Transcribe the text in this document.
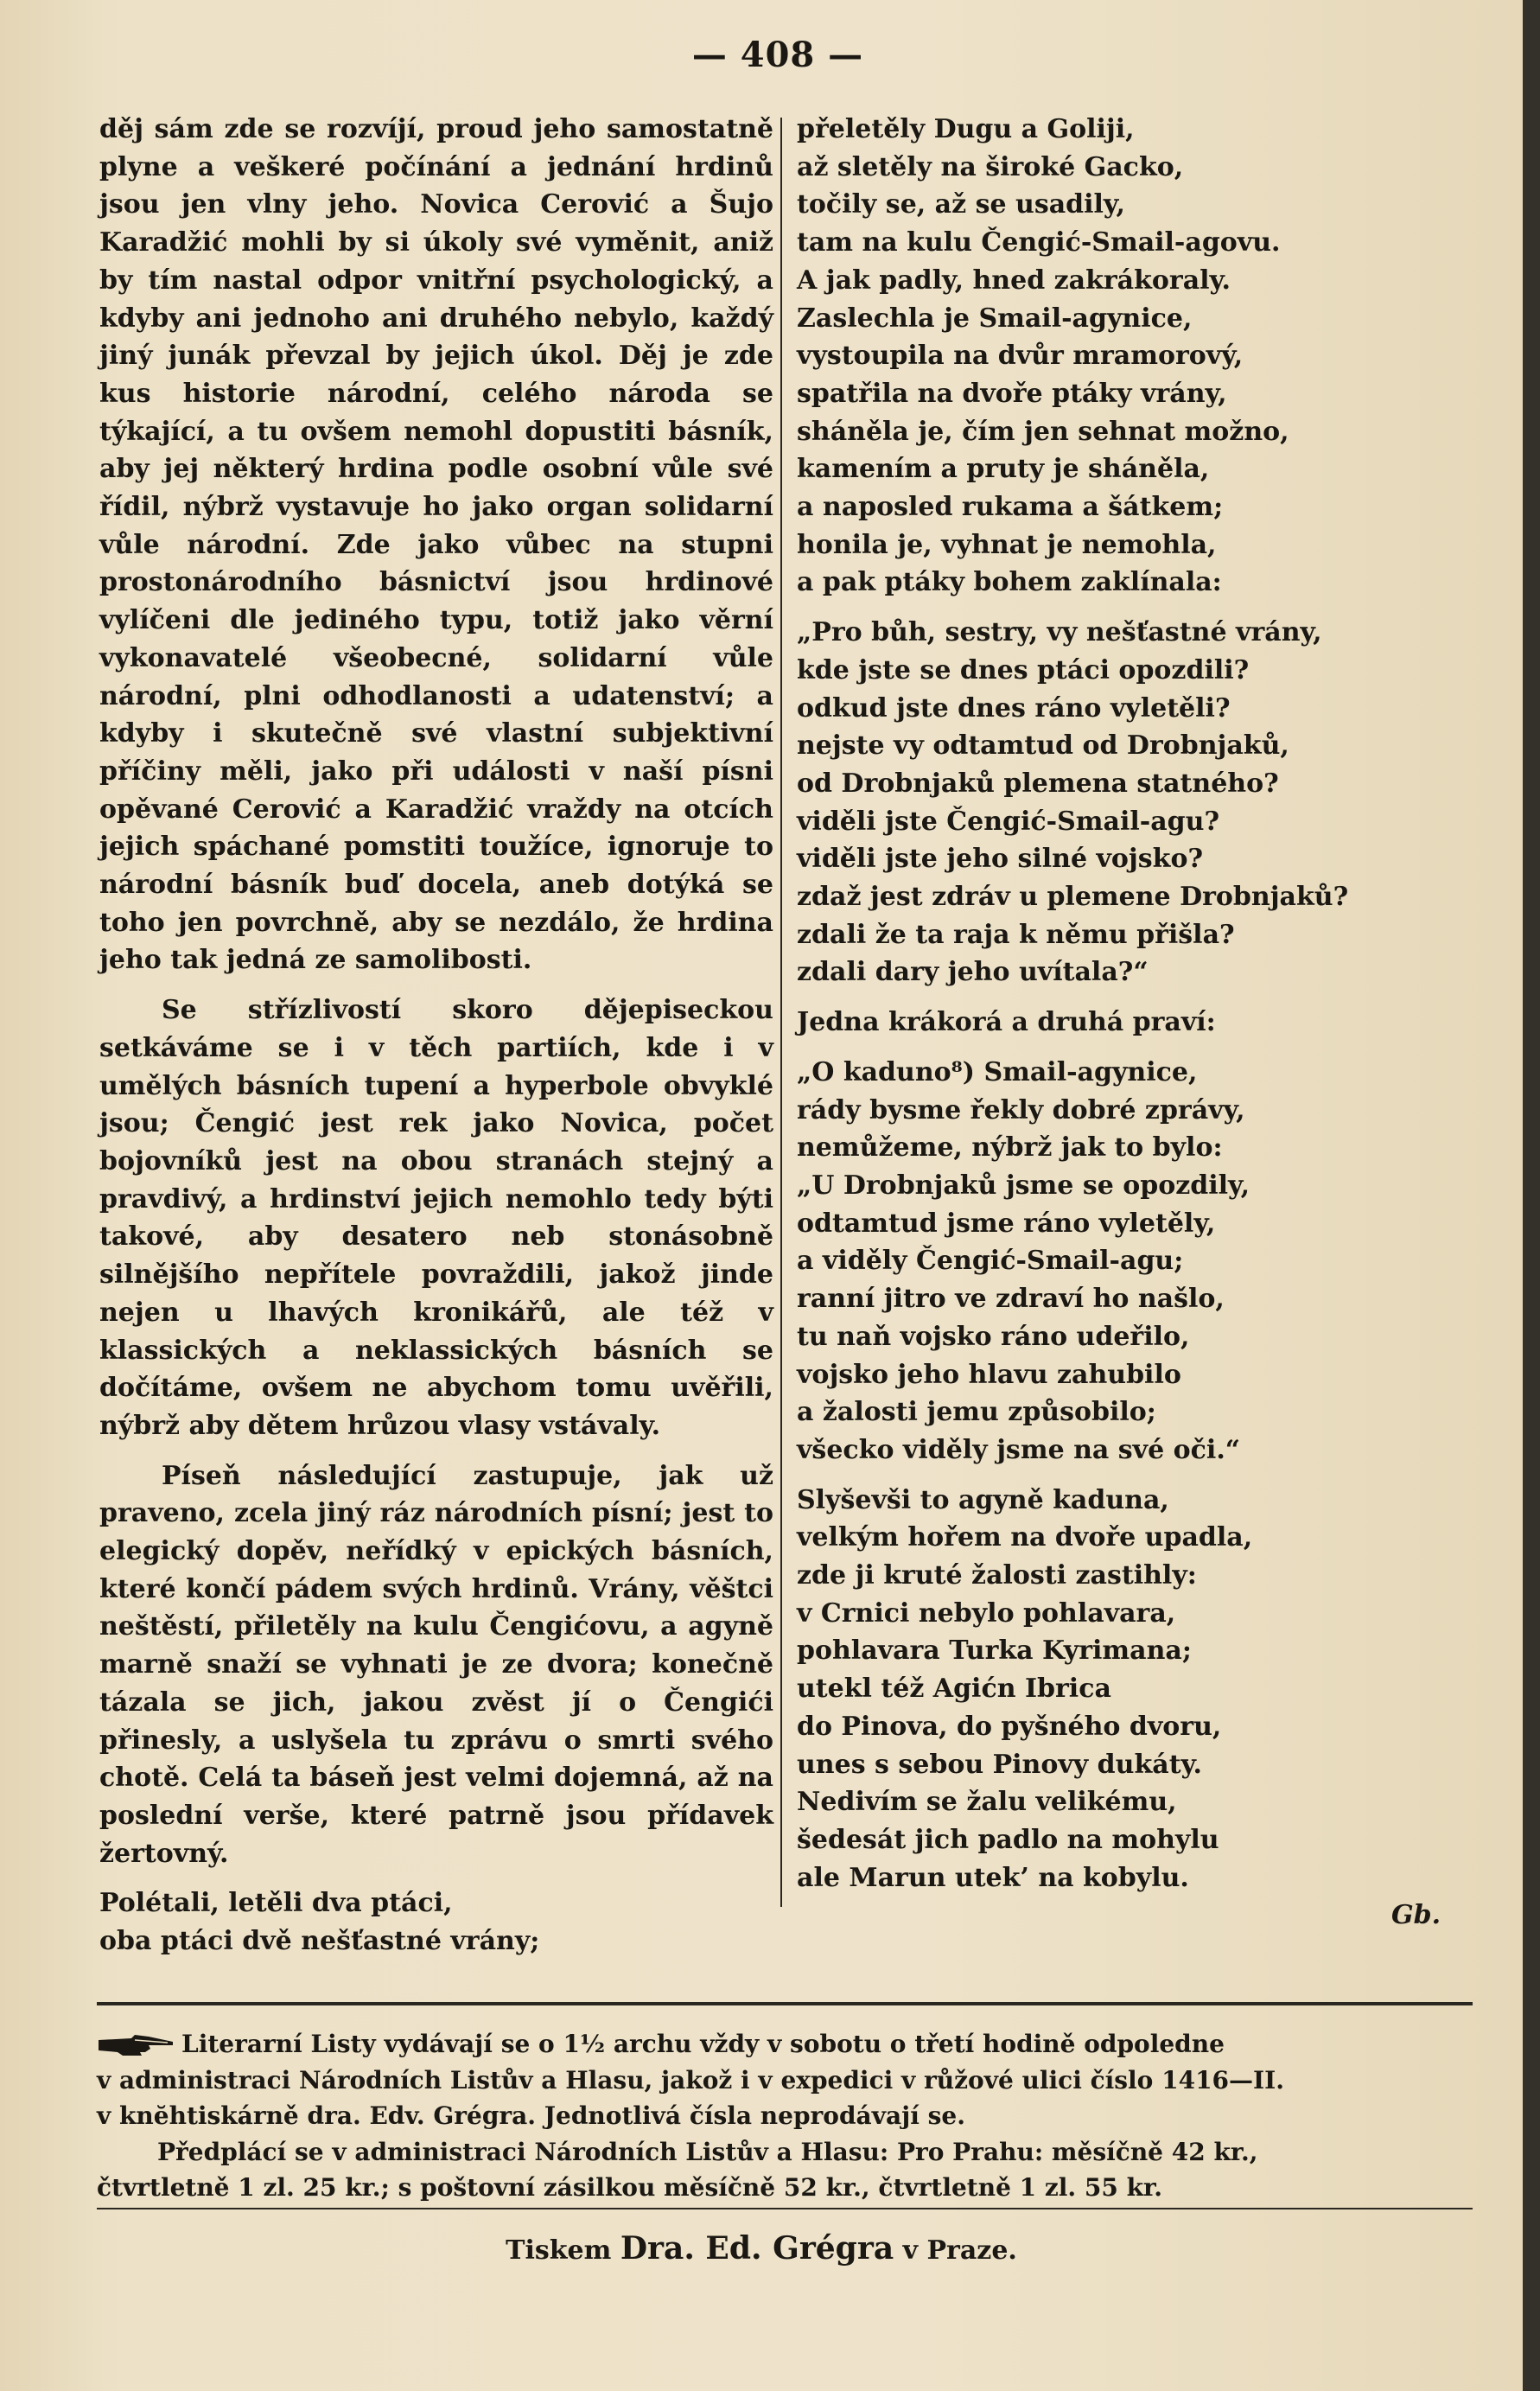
— 408 —

děj sám zde se rozvíjí, proud jeho samostatně plyne a veškeré počínání a jednání hrdinů jsou jen vlny jeho. Novica Cerović a Šujo Karadžić mohli by si úkoly své vyměnit, aniž by tím nastal odpor vnitřní psychologický, a kdyby ani jednoho ani druhého nebylo, každý jiný junák převzal by jejich úkol. Děj je zde kus historie národní, celého národa se týkající, a tu ovšem nemohl dopustiti básník, aby jej některý hrdina podle osobní vůle své řídil, nýbrž vystavuje ho jako organ solidarní vůle národní. Zde jako vůbec na stupni prostonárodního básnictví jsou hrdinové vylíčeni dle jediného typu, totiž jako věrní vykonavatelé všeobecné, solidarní vůle národní, plni odhodlanosti a udatenství; a kdyby i skutečně své vlastní subjektivní příčiny měli, jako při události v naší písni opěvané Cerović a Karadžić vraždy na otcích jejich spáchané pomstiti toužíce, ignoruje to národní básník buď docela, aneb dotýká se toho jen povrchně, aby se nezdálo, že hrdina jeho tak jedná ze samolibosti.

Se střízlivostí skoro dějepiseckou setkáváme se i v těch partiích, kde i v umělých básních tupení a hyperbole obvyklé jsou; Čengić jest rek jako Novica, počet bojovníků jest na obou stranách stejný a pravdivý, a hrdinství jejich nemohlo tedy býti takové, aby desatero neb stonásobně silnějšího nepřítele povraždili, jakož jinde nejen u lhavých kronikářů, ale též v klassických a neklassických básních se dočítáme, ovšem ne abychom tomu uvěřili, nýbrž aby dětem hrůzou vlasy vstávaly.

Píseň následující zastupuje, jak už praveno, zcela jiný ráz národních písní; jest to elegický dopěv, neřídký v epických básních, které končí pádem svých hrdinů. Vrány, věštci neštěstí, přiletěly na kulu Čengićovu, a agyně marně snaží se vyhnati je ze dvora; konečně tázala se jich, jakou zvěst jí o Čengići přinesly, a uslyšela tu zprávu o smrti svého chotě. Celá ta báseň jest velmi dojemná, až na poslední verše, které patrně jsou přídavek žertovný.

Polétali, letěli dva ptáci,
oba ptáci dvě nešťastné vrány;
přeletěly Dugu a Goliji,
až sletěly na široké Gacko,
točily se, až se usadily,
tam na kulu Čengić-Smail-agovu.
A jak padly, hned zakrákoraly.
Zaslechla je Smail-agynice,
vystoupila na dvůr mramorový,
spatřila na dvoře ptáky vrány,
sháněla je, čím jen sehnat možno,
kamením a pruty je sháněla,
a naposled rukama a šátkem;
honila je, vyhnat je nemohla,
a pak ptáky bohem zaklínala:
„Pro bůh, sestry, vy nešťastné vrány,
kde jste se dnes ptáci opozdili?
odkud jste dnes ráno vyletěli?
nejste vy odtamtud od Drobnjaků,
od Drobnjaků plemena statného?
viděli jste Čengić-Smail-agu?
viděli jste jeho silné vojsko?
zdaž jest zdráv u plemene Drobnjaků?
zdali že ta raja k němu přišla?
zdali dary jeho uvítala?“
Jedna krákorá a druhá praví:
„O kaduno⁸) Smail-agynice,
rády bysme řekly dobré zprávy,
nemůžeme, nýbrž jak to bylo:
„U Drobnjaků jsme se opozdily,
odtamtud jsme ráno vyletěly,
a viděly Čengić-Smail-agu;
ranní jitro ve zdraví ho našlo,
tu naň vojsko ráno udeřilo,
vojsko jeho hlavu zahubilo
a žalosti jemu způsobilo;
všecko viděly jsme na své oči.“
Slyševši to agyně kaduna,
velkým hořem na dvoře upadla,
zde ji kruté žalosti zastihly:
v Crnici nebylo pohlavara,
pohlavara Turka Kyrimana;
utekl též Agićn Ibrica
do Pinova, do pyšného dvoru,
unes s sebou Pinovy dukáty.
Nedivím se žalu velikému,
šedesát jich padlo na mohylu
ale Marun utek’ na kobylu.
Gb.
Literarní Listy vydávají se o 1½ archu vždy v sobotu o třetí hodině odpoledne
v administraci Národních Listův a Hlasu, jakož i v expedici v růžové ulici číslo 1416—II.
v knĕhtiskárně dra. Edv. Grégra. Jednotlivá čísla neprodávají se.
Předplácí se v administraci Národních Listův a Hlasu: Pro Prahu: měsíčně 42 kr.,
čtvrtletně 1 zl. 25 kr.; s poštovní zásilkou měsíčně 52 kr., čtvrtletně 1 zl. 55 kr.
Tiskem Dra. Ed. Grégra v Praze.
